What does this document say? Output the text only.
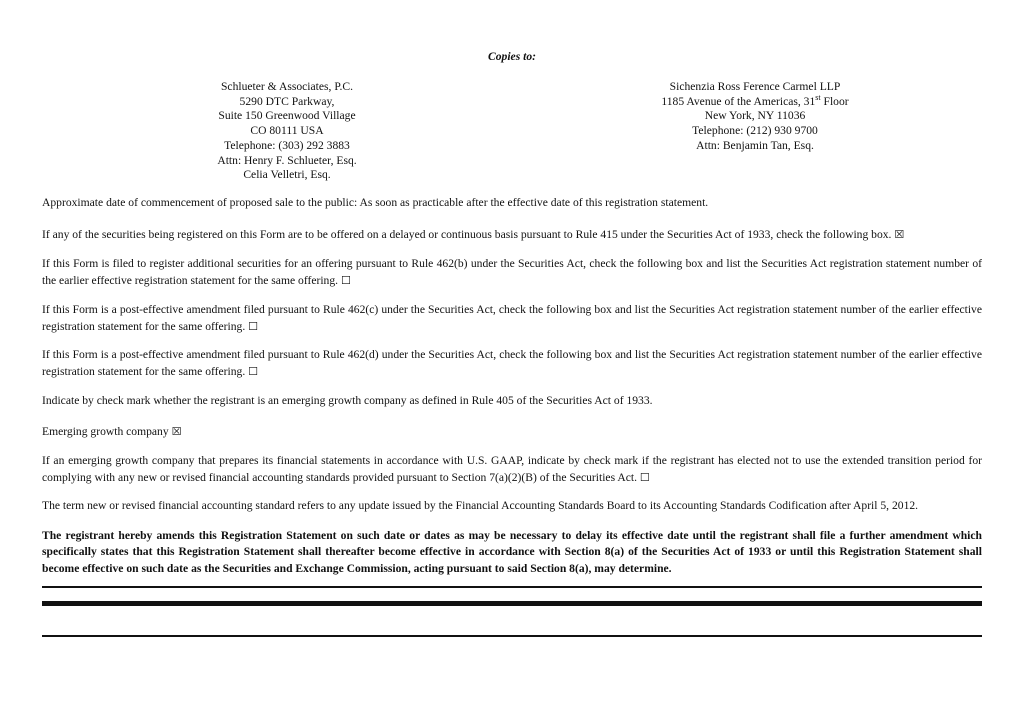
Copies to:
Schlueter & Associates, P.C.
5290 DTC Parkway,
Suite 150 Greenwood Village
CO 80111 USA
Telephone: (303) 292 3883
Attn: Henry F. Schlueter, Esq.
Celia Velletri, Esq.
Sichenzia Ross Ference Carmel LLP
1185 Avenue of the Americas, 31st Floor
New York, NY 11036
Telephone: (212) 930 9700
Attn: Benjamin Tan, Esq.
Approximate date of commencement of proposed sale to the public: As soon as practicable after the effective date of this registration statement.
If any of the securities being registered on this Form are to be offered on a delayed or continuous basis pursuant to Rule 415 under the Securities Act of 1933, check the following box. ☒
If this Form is filed to register additional securities for an offering pursuant to Rule 462(b) under the Securities Act, check the following box and list the Securities Act registration statement number of the earlier effective registration statement for the same offering. ☐
If this Form is a post-effective amendment filed pursuant to Rule 462(c) under the Securities Act, check the following box and list the Securities Act registration statement number of the earlier effective registration statement for the same offering. ☐
If this Form is a post-effective amendment filed pursuant to Rule 462(d) under the Securities Act, check the following box and list the Securities Act registration statement number of the earlier effective registration statement for the same offering. ☐
Indicate by check mark whether the registrant is an emerging growth company as defined in Rule 405 of the Securities Act of 1933.
Emerging growth company ☒
If an emerging growth company that prepares its financial statements in accordance with U.S. GAAP, indicate by check mark if the registrant has elected not to use the extended transition period for complying with any new or revised financial accounting standards provided pursuant to Section 7(a)(2)(B) of the Securities Act. ☐
The term new or revised financial accounting standard refers to any update issued by the Financial Accounting Standards Board to its Accounting Standards Codification after April 5, 2012.
The registrant hereby amends this Registration Statement on such date or dates as may be necessary to delay its effective date until the registrant shall file a further amendment which specifically states that this Registration Statement shall thereafter become effective in accordance with Section 8(a) of the Securities Act of 1933 or until this Registration Statement shall become effective on such date as the Securities and Exchange Commission, acting pursuant to said Section 8(a), may determine.
